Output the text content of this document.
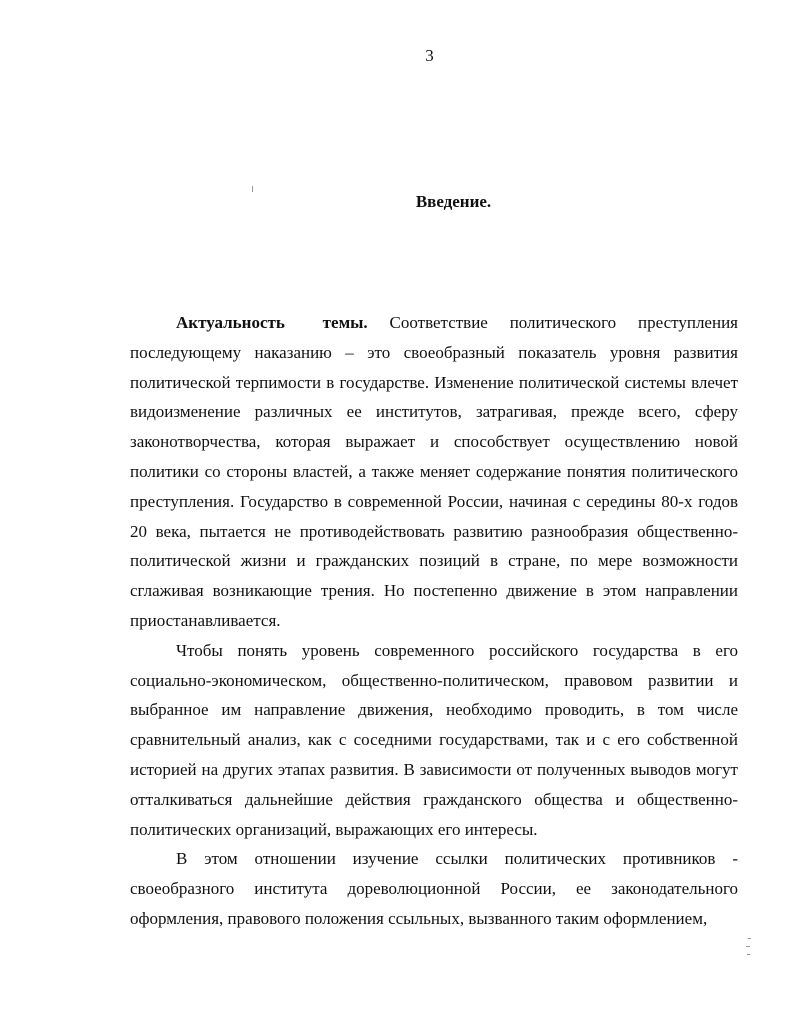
3
Введение.

Актуальность темы. Соответствие политического преступления последующему наказанию – это своеобразный показатель уровня развития политической терпимости в государстве. Изменение политической системы влечет видоизменение различных ее институтов, затрагивая, прежде всего, сферу законотворчества, которая выражает и способствует осуществлению новой политики со стороны властей, а также меняет содержание понятия политического преступления. Государство в современной России, начиная с середины 80-х годов 20 века, пытается не противодействовать развитию разнообразия общественно-политической жизни и гражданских позиций в стране, по мере возможности сглаживая возникающие трения. Но постепенно движение в этом направлении приостанавливается.

Чтобы понять уровень современного российского государства в его социально-экономическом, общественно-политическом, правовом развитии и выбранное им направление движения, необходимо проводить, в том числе сравнительный анализ, как с соседними государствами, так и с его собственной историей на других этапах развития. В зависимости от полученных выводов могут отталкиваться дальнейшие действия гражданского общества и общественно-политических организаций, выражающих его интересы.

В этом отношении изучение ссылки политических противников - своеобразного института дореволюционной России, ее законодательного оформления, правового положения ссыльных, вызванного таким оформлением,
